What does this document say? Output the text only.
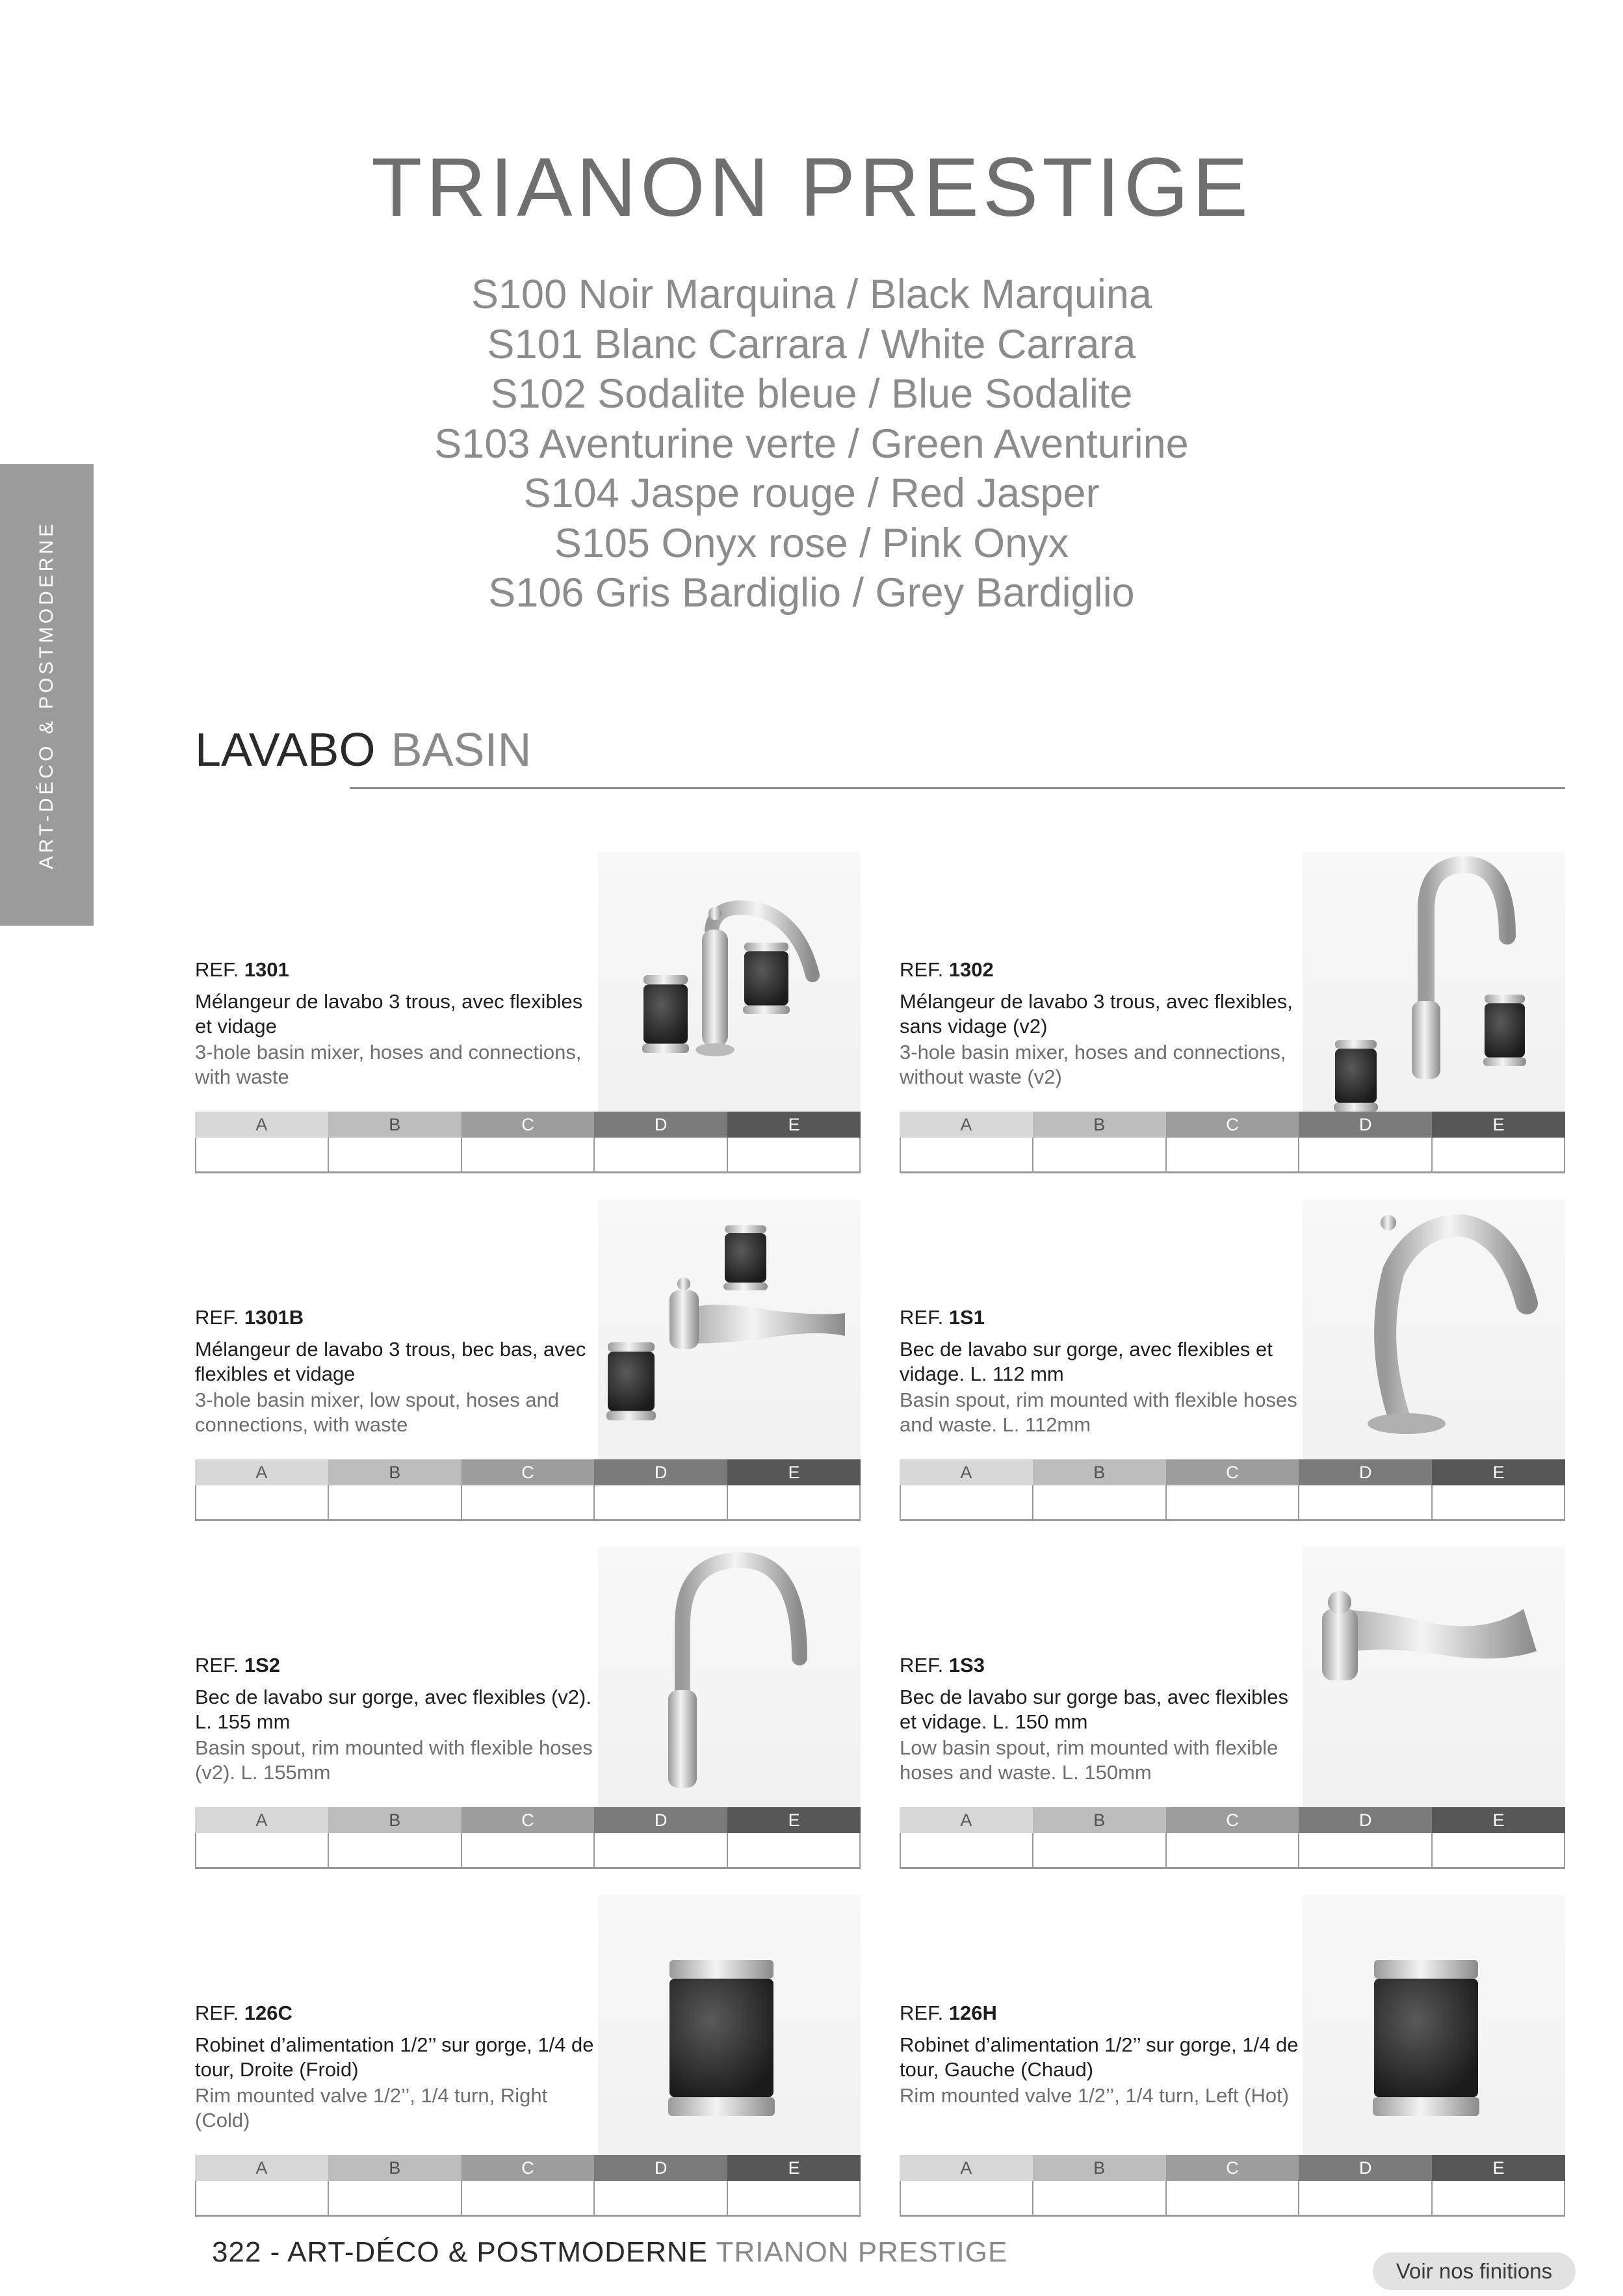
ART-DÉCO & POSTMODERNE
TRIANON PRESTIGE
S100 Noir Marquina / Black Marquina
S101 Blanc Carrara / White Carrara
S102 Sodalite bleue / Blue Sodalite
S103 Aventurine verte / Green Aventurine
S104 Jaspe rouge / Red Jasper
S105 Onyx rose / Pink Onyx
S106 Gris Bardiglio / Grey Bardiglio
LAVABO BASIN
REF. 1301
Mélangeur de lavabo 3 trous, avec flexibles et vidage
3-hole basin mixer, hoses and connections, with waste
A	B	C	D	E
REF. 1302
Mélangeur de lavabo 3 trous, avec flexibles, sans vidage (v2)
3-hole basin mixer, hoses and connections, without waste (v2)
A	B	C	D	E
REF. 1301B
Mélangeur de lavabo 3 trous, bec bas, avec flexibles et vidage
3-hole basin mixer, low spout, hoses and connections, with waste
A	B	C	D	E
REF. 1S1
Bec de lavabo sur gorge, avec flexibles et vidage. L. 112 mm
Basin spout, rim mounted with flexible hoses and waste. L. 112mm
A	B	C	D	E
REF. 1S2
Bec de lavabo sur gorge, avec flexibles (v2). L. 155 mm
Basin spout, rim mounted with flexible hoses (v2). L. 155mm
A	B	C	D	E
REF. 1S3
Bec de lavabo sur gorge bas, avec flexibles et vidage. L. 150 mm
Low basin spout, rim mounted with flexible hoses and waste. L. 150mm
A	B	C	D	E
REF. 126C
Robinet d’alimentation 1/2’’ sur gorge, 1/4 de tour, Droite (Froid)
Rim mounted valve 1/2’’, 1/4 turn, Right (Cold)
A	B	C	D	E
REF. 126H
Robinet d’alimentation 1/2’’ sur gorge, 1/4 de tour, Gauche (Chaud)
Rim mounted valve 1/2’’, 1/4 turn, Left (Hot)
A	B	C	D	E
322 - ART-DÉCO & POSTMODERNE TRIANON PRESTIGE
Voir nos finitions
